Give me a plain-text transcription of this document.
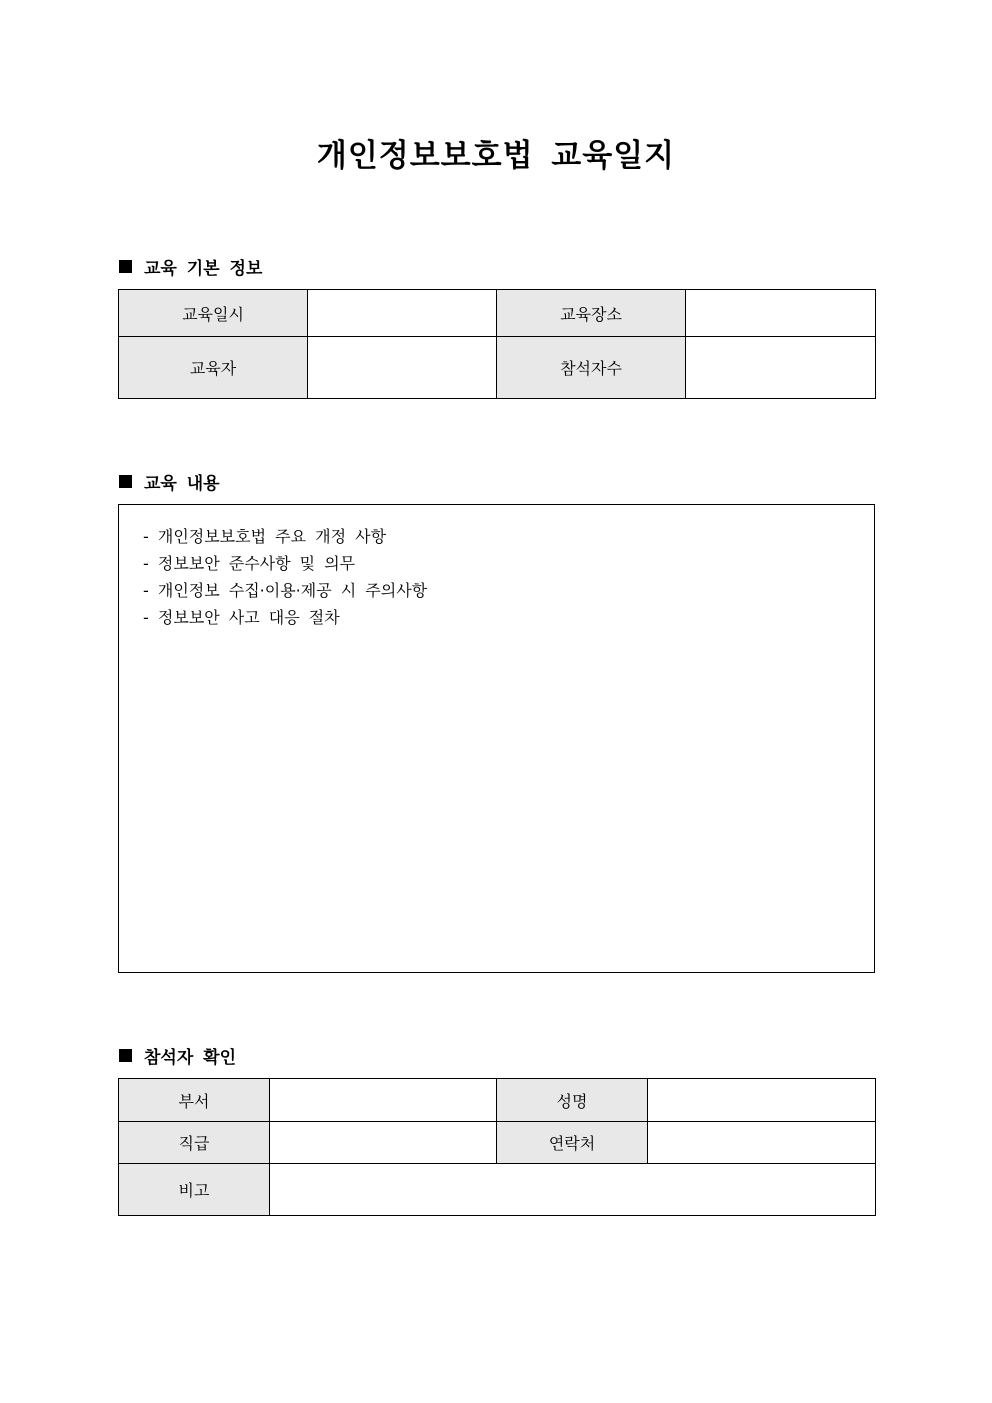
개인정보보호법 교육일지
교육 기본 정보
교육일시		교육장소	
교육자		참석자수	
교육 내용
- 개인정보보호법 주요 개정 사항
- 정보보안 준수사항 및 의무
- 개인정보 수집·이용·제공 시 주의사항
- 정보보안 사고 대응 절차
참석자 확인
부서		성명	
직급		연락처	
비고			
